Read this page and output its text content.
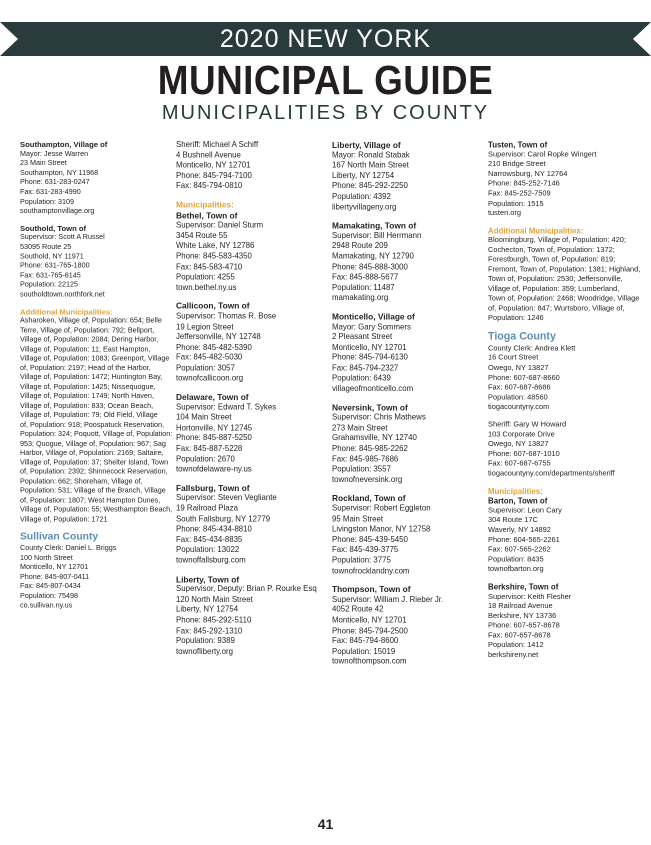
2020 NEW YORK
MUNICIPAL GUIDE
MUNICIPALITIES BY COUNTY
Southampton, Village of
Mayor: Jesse Warren
23 Main Street
Southampton, NY 11968
Phone: 631-283-0247
Fax: 631-283-4990
Population: 3109
southamptonvillage.org
Southold, Town of
Supervisor: Scott A Russel
53095 Route 25
Southold, NY 11971
Phone: 631-765-1800
Fax: 631-765-6145
Population: 22125
southoldtown.northfork.net
Additional Municipalities:
Asharoken, Village of, Population: 654; Belle
Terre, Village of, Population: 792; Bellport,
Village of, Population: 2084; Dering Harbor,
Village of, Population: 11; East Hampton,
Village of, Population: 1083; Greenport, Village
of, Population: 2197; Head of the Harbor,
Village of, Population: 1472; Huntington Bay,
Village of, Population: 1425; Nissequogue,
Village of, Population: 1749; North Haven,
Village of, Population: 833; Ocean Beach,
Village of, Population: 79; Old Field, Village
of, Population: 918; Poospatuck Reservation,
Population: 324; Poquott, Village of, Population:
953; Quogue, Village of, Population: 967; Sag
Harbor, Village of, Population: 2169; Saltaire,
Village of, Population: 37; Shelter Island, Town
of, Population: 2392; Shinnecock Reservation,
Population: 662; Shoreham, Village of,
Population: 531; Village of the Branch, Village
of, Population: 1807; West Hampton Dunes,
Village of, Population: 55; Westhampton Beach,
Village of, Population: 1721
Sullivan County
County Clerk: Daniel L. Briggs
100 North Street
Monticello, NY 12701
Phone: 845-807-0411
Fax: 845-807-0434
Population: 75498
co.sullivan.ny.us
Sheriff: Michael A Schiff
4 Bushnell Avenue
Monticello, NY 12701
Phone: 845-794-7100
Fax: 845-794-0810
Municipalities:
Bethel, Town of
Supervisor: Daniel Sturm
3454 Route 55
White Lake, NY 12786
Phone: 845-583-4350
Fax: 845-583-4710
Population: 4255
town.bethel.ny.us
Callicoon, Town of
Supervisor: Thomas R. Bose
19 Legion Street
Jeffersonville, NY 12748
Phone: 845-482-5390
Fax: 845-482-5030
Population: 3057
townofcallicoon.org
Delaware, Town of
Supervisor: Edward T. Sykes
104 Main Street
Hortonville, NY 12745
Phone: 845-887-5250
Fax: 845-887-5228
Population: 2670
townofdelaware-ny.us
Fallsburg, Town of
Supervisor: Steven Vegliante
19 Railroad Plaza
South Fallsburg, NY 12779
Phone: 845-434-8810
Fax: 845-434-8835
Population: 13022
townoffallsburg.com
Liberty, Town of
Supervisor, Deputy: Brian P. Rourke Esq
120 North Main Street
Liberty, NY 12754
Phone: 845-292-5110
Fax: 845-292-1310
Population: 9389
townofliberty.org
Liberty, Village of
Mayor: Ronald Stabak
167 North Main Street
Liberty, NY 12754
Phone: 845-292-2250
Population: 4392
libertyvillageny.org
Mamakating, Town of
Supervisor: Bill Herrmann
2948 Route 209
Mamakating, NY 12790
Phone: 845-888-3000
Fax: 845-888-5677
Population: 11487
mamakating.org
Monticello, Village of
Mayor: Gary Sommers
2 Pleasant Street
Monticello, NY 12701
Phone: 845-794-6130
Fax: 845-794-2327
Population: 6439
villageofmonticello.com
Neversink, Town of
Supervisor: Chris Mathews
273 Main Street
Grahamsville, NY 12740
Phone: 845-985-2262
Fax: 845-985-7686
Population: 3557
townofneversink.org
Rockland, Town of
Supervisor: Robert Eggleton
95 Main Street
Livingston Manor, NY 12758
Phone: 845-439-5450
Fax: 845-439-3775
Population: 3775
townofrocklandny.com
Thompson, Town of
Supervisor: William J. Rieber Jr.
4052 Route 42
Monticello, NY 12701
Phone: 845-794-2500
Fax: 845-794-8600
Population: 15019
townofthompson.com
Tusten, Town of
Supervisor: Carol Ropke Wingert
210 Bridge Street
Narrowsburg, NY 12764
Phone: 845-252-7146
Fax: 845-252-7509
Population: 1515
tusten.org
Additional Municipalities:
Bloomingburg, Village of, Population: 420;
Cochecton, Town of, Population: 1372;
Forestburgh, Town of, Population: 819;
Fremont, Town of, Population: 1381; Highland,
Town of, Population: 2530; Jeffersonville,
Village of, Population: 359; Lumberland,
Town of, Population: 2468; Woodridge, Village
of, Population: 847; Wurtsboro, Village of,
Population: 1246
Tioga County
County Clerk: Andrea Klett
16 Court Street
Owego, NY 13827
Phone: 607-687-8660
Fax: 607-687-8686
Population: 48560
tiogacountyny.com
Sheriff: Gary W Howard
103 Corporate Drive
Owego, NY 13827
Phone: 607-687-1010
Fax: 607-687-6755
tiogacountyny.com/departments/sheriff
Municipalities:
Barton, Town of
Supervisor: Leon Cary
304 Route 17C
Waverly, NY 14892
Phone: 604-565-2261
Fax: 607-565-2262
Population: 8435
townofbarton.org
Berkshire, Town of
Supervisor: Keith Flesher
18 Railroad Avenue
Berkshire, NY 13736
Phone: 607-657-8678
Fax: 607-657-8678
Population: 1412
berkshireny.net
41
